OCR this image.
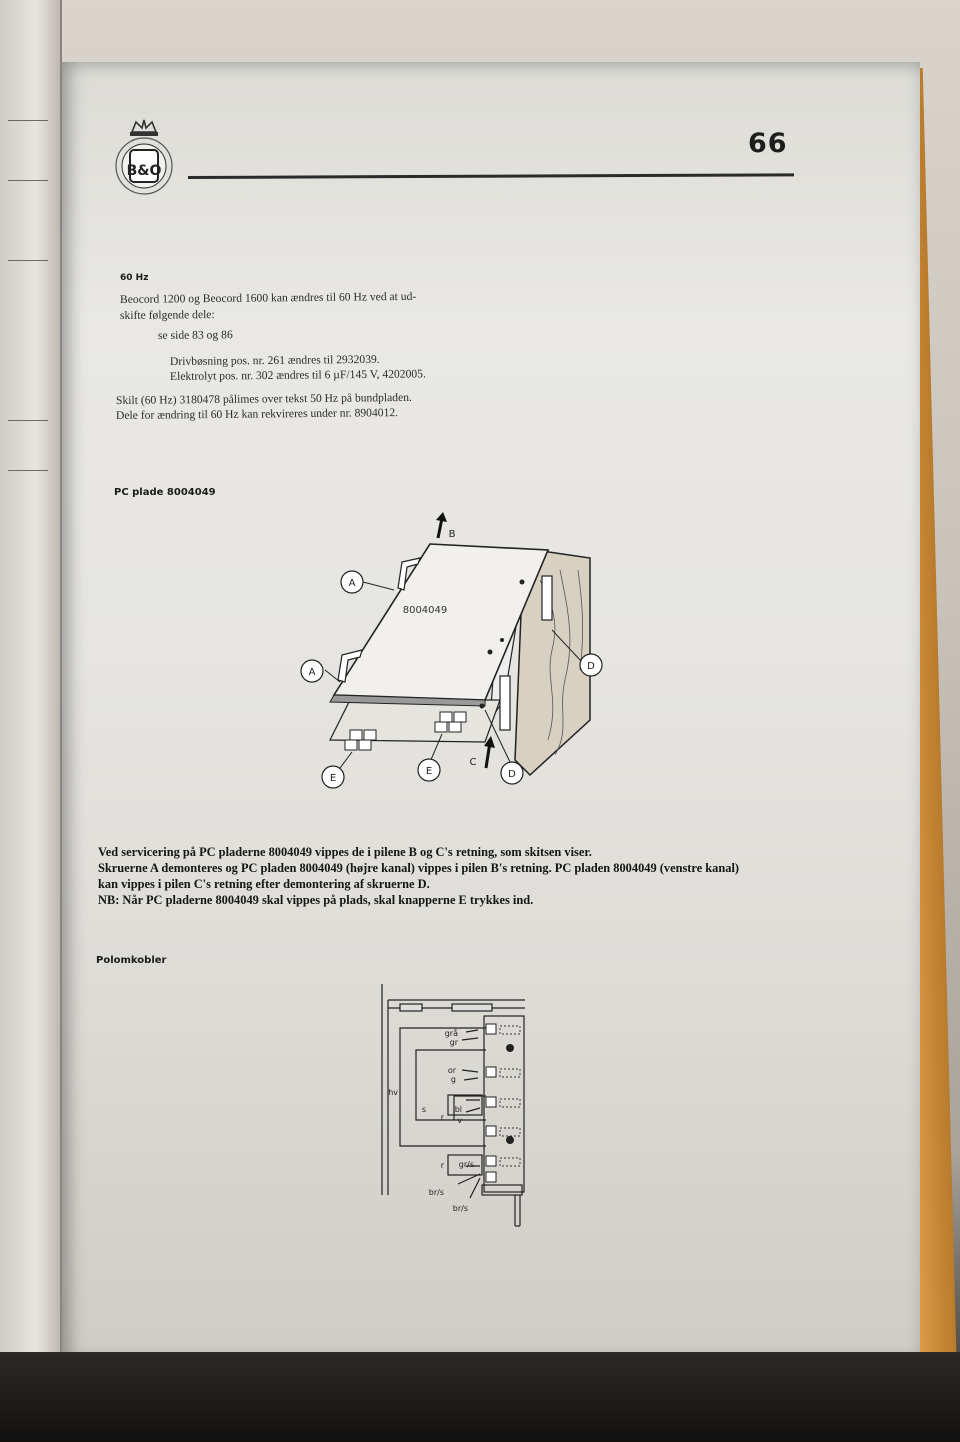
B&O
66
60 Hz
Beocord 1200 og Beocord 1600 kan ændres til 60 Hz ved at ud-
skifte følgende dele:
se side 83 og 86
Drivbøsning pos. nr. 261 ændres til 2932039.
Elektrolyt pos. nr. 302 ændres til 6 µF/145 V, 4202005.
Skilt (60 Hz) 3180478 pålimes over tekst 50 Hz på bundpladen.
Dele for ændring til 60 Hz kan rekvireres under nr. 8904012.
PC plade 8004049
8004049
A
A
B
C
D
D
E
E
Ved servicering på PC pladerne 8004049 vippes de i pilene B og C's retning, som skitsen viser.
Skruerne A demonteres og PC pladen 8004049 (højre kanal) vippes i pilen B's retning. PC pladen 8004049 (venstre kanal)
kan vippes i pilen C's retning efter demontering af skruerne D.
NB: Når PC pladerne 8004049 skal vippes på plads, skal knapperne E trykkes ind.
Polomkobler
grå
gr
or
g
bl
v
gr/s
br/s
br/s
hv
s
r
r
